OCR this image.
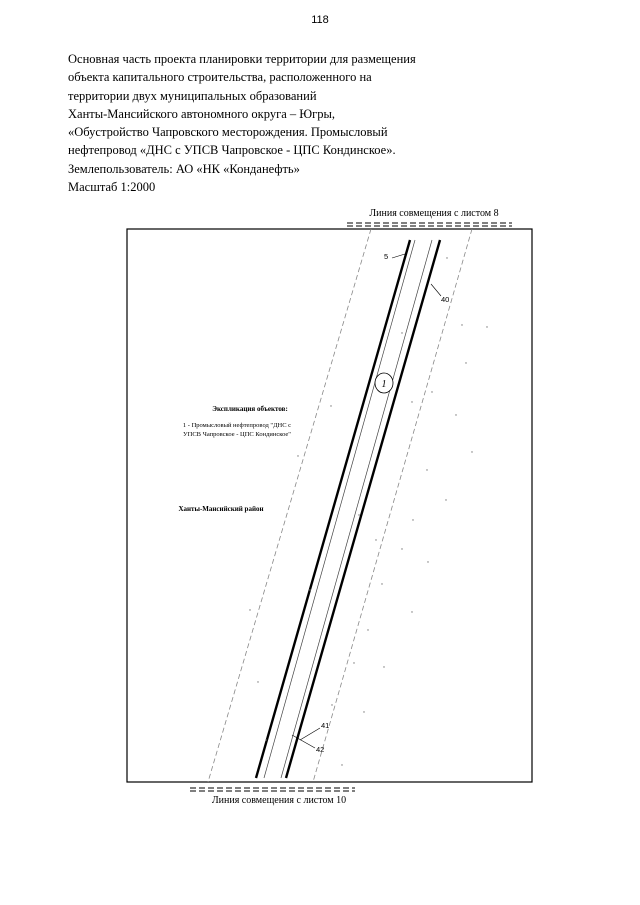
118
Основная часть проекта планировки территории для размещения
объекта капитального строительства, расположенного на
территории двух муниципальных образований
Ханты-Мансийского автономного округа – Югры,
«Обустройство Чапровского месторождения. Промысловый
нефтепровод «ДНС с УПСВ Чапровское - ЦПС Кондинское».
Землепользователь: АО «НК «Конданефть»
Масштаб 1:2000
Линия совмещения с листом 8
5
40
41
42
1
Экспликация объектов:
1 - Промысловый нефтепровод "ДНС с
УПСВ Чапровское - ЦПС Кондинское"
Ханты-Мансийский район
Линия совмещения с листом 10
